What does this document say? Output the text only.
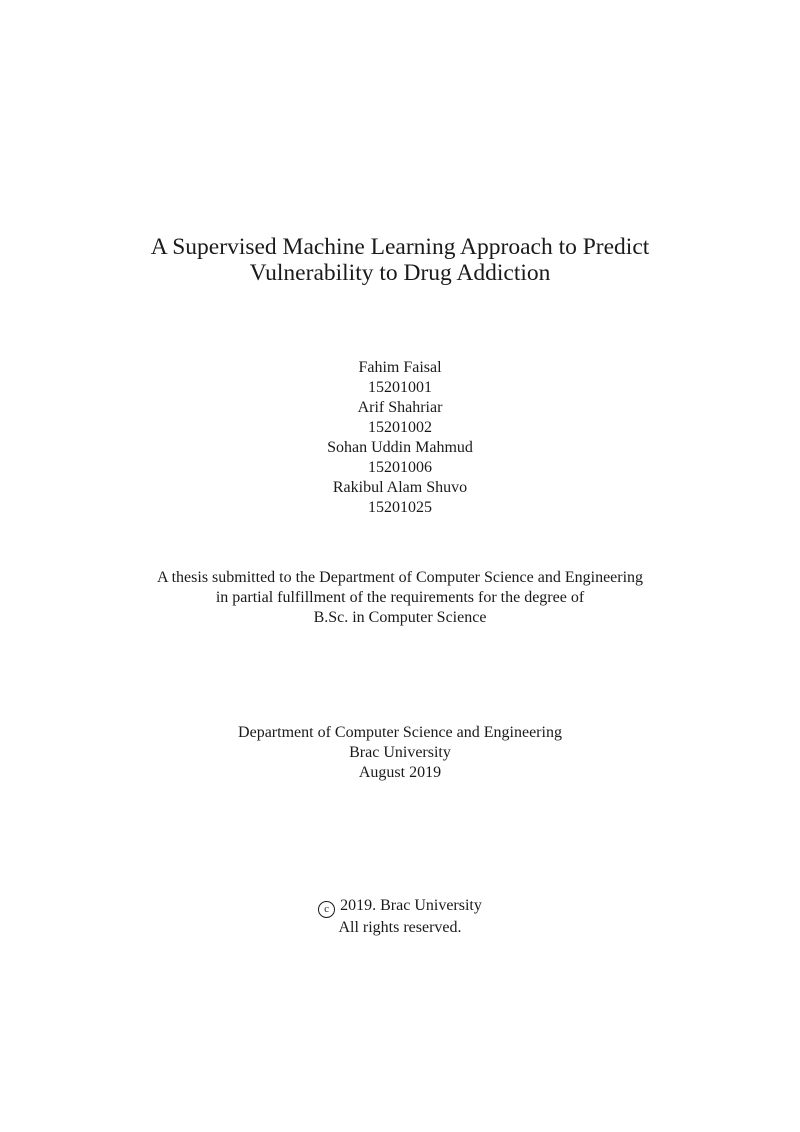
A Supervised Machine Learning Approach to Predict
Vulnerability to Drug Addiction
Fahim Faisal
15201001
Arif Shahriar
15201002
Sohan Uddin Mahmud
15201006
Rakibul Alam Shuvo
15201025
A thesis submitted to the Department of Computer Science and Engineering
in partial fulfillment of the requirements for the degree of
B.Sc. in Computer Science
Department of Computer Science and Engineering
Brac University
August 2019
c 2019. Brac University
All rights reserved.
